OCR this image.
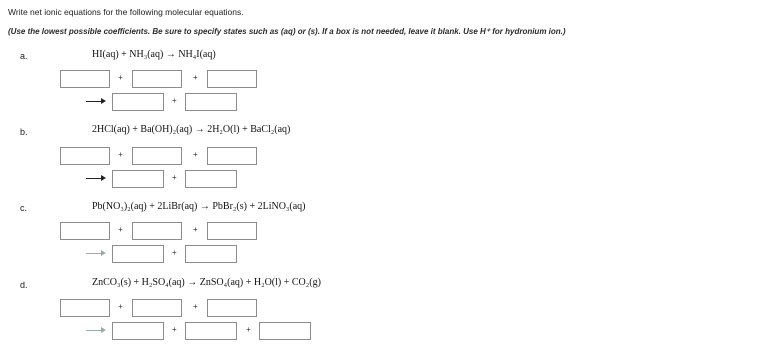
Write net ionic equations for the following molecular equations.
(Use the lowest possible coefficients. Be sure to specify states such as (aq) or (s). If a box is not needed, leave it blank. Use H⁺ for hydronium ion.)
a.	HI(aq) + NH₃(aq) → NH₄I(aq)
+	+
+
b.	2HCl(aq) + Ba(OH)₂(aq) → 2H₂O(l) + BaCl₂(aq)
+	+
+
c.	Pb(NO₃)₂(aq) + 2LiBr(aq) → PbBr₂(s) + 2LiNO₃(aq)
+	+
+
d.	ZnCO₃(s) + H₂SO₄(aq) → ZnSO₄(aq) + H₂O(l) + CO₂(g)
+	+
+	+
